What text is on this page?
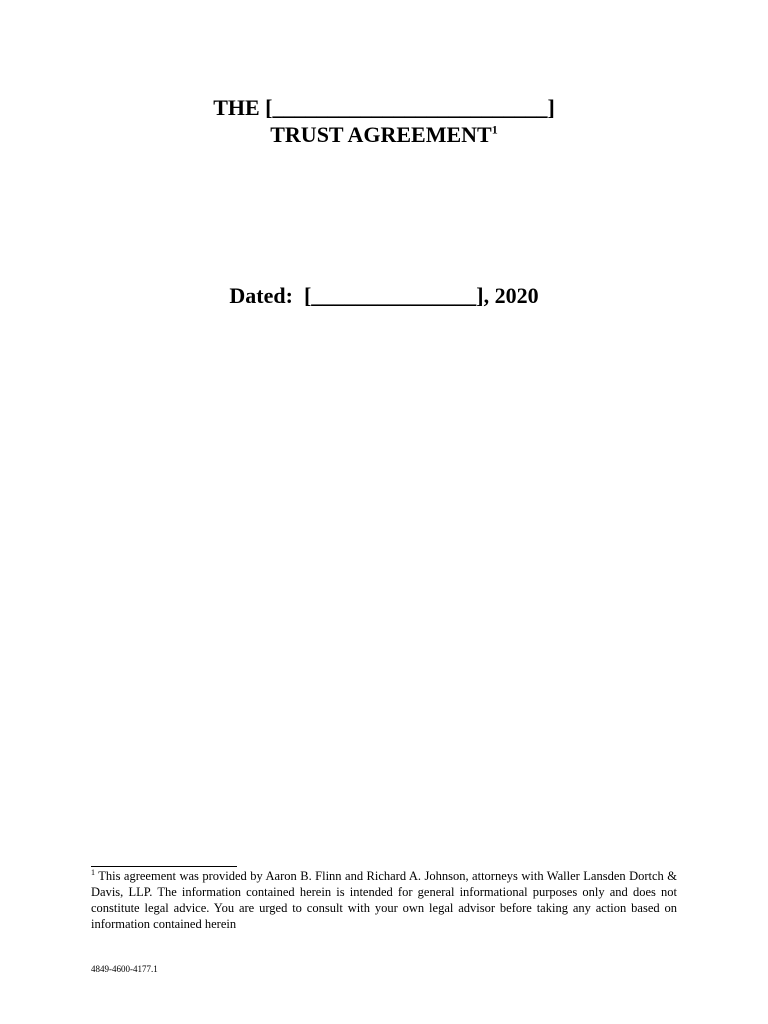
THE [_________________________]
TRUST AGREEMENT$^1$
Dated: [_______________], 2020
$^1$ This agreement was provided by Aaron B. Flinn and Richard A. Johnson, attorneys with Waller Lansden Dortch & Davis, LLP. The information contained herein is intended for general informational purposes only and does not constitute legal advice. You are urged to consult with your own legal advisor before taking any action based on information contained herein
4849-4600-4177.1
